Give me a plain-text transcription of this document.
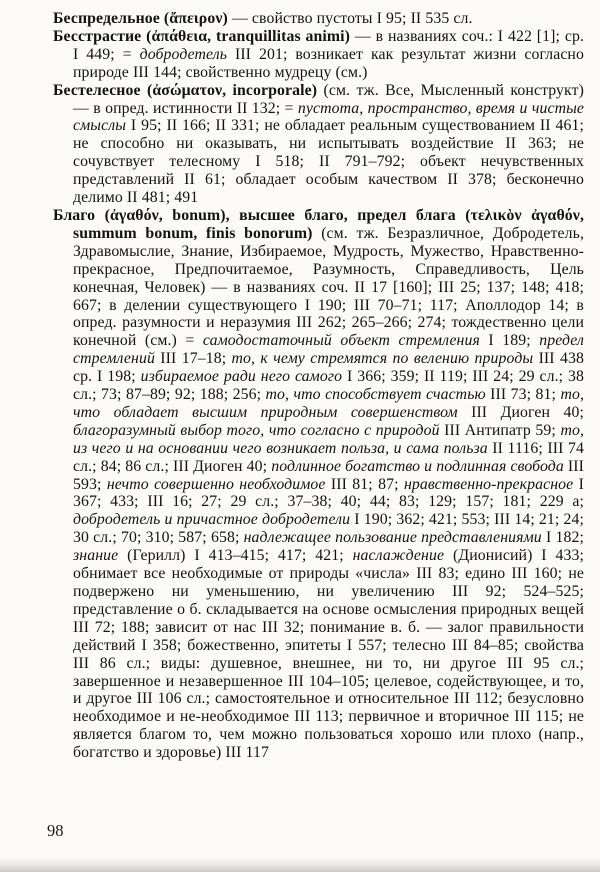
Беспредельное (ἄπειρον) — свойство пустоты I 95; II 535 сл.

Бесстрастие (ἀπάθεια, tranquillitas animi) — в названиях соч.: I 422 [1]; ср. I 449; = добродетель III 201; возникает как результат жизни согласно природе III 144; свойственно мудрецу (см.)

Бестелесное (ἀσώματον, incorporale) (см. тж. Все, Мысленный конструкт) — в опред. истинности II 132; = пустота, пространство, время и чистые смыслы I 95; II 166; II 331; не обладает реальным существованием II 461; не способно ни оказывать, ни испытывать воздействие II 363; не сочувствует телесному I 518; II 791–792; объект нечувственных представлений II 61; обладает особым качеством II 378; бесконечно делимо II 481; 491

Благо (ἀγαθόν, bonum), высшее благо, предел блага (τελικὸν ἀγαθόν, summum bonum, finis bonorum) (см. тж. Безразличное, Добродетель, Здравомыслие, Знание, Избираемое, Мудрость, Мужество, Нравственно-прекрасное, Предпочитаемое, Разумность, Справедливость, Цель конечная, Человек) — в названиях соч. II 17 [160]; III 25; 137; 148; 418; 667; в делении существующего I 190; III 70–71; 117; Аполлодор 14; в опред. разумности и неразумия III 262; 265–266; 274; тождественно цели конечной (см.) = самодостаточный объект стремления I 189; предел стремлений III 17–18; то, к чему стремятся по велению природы III 438 ср. I 198; избираемое ради него самого I 366; 359; II 119; III 24; 29 сл.; 38 сл.; 73; 87–89; 92; 188; 256; то, что способствует счастью III 73; 81; то, что обладает высшим природным совершенством III Диоген 40; благоразумный выбор того, что согласно с природой III Антипатр 59; то, из чего и на основании чего возникает польза, и сама польза II 1116; III 74 сл.; 84; 86 сл.; III Диоген 40; подлинное богатство и подлинная свобода III 593; нечто совершенно необходимое III 81; 87; нравственно-прекрасное I 367; 433; III 16; 27; 29 сл.; 37–38; 40; 44; 83; 129; 157; 181; 229 а; добродетель и причастное добродетели I 190; 362; 421; 553; III 14; 21; 24; 30 сл.; 70; 310; 587; 658; надлежащее пользование представлениями I 182; знание (Герилл) I 413–415; 417; 421; наслаждение (Дионисий) I 433; обнимает все необходимые от природы «числа» III 83; едино III 160; не подвержено ни уменьшению, ни увеличению III 92; 524–525; представление о б. складывается на основе осмысления природных вещей III 72; 188; зависит от нас III 32; понимание в. б. — залог правильности действий I 358; божественно, эпитеты I 557; телесно III 84–85; свойства III 86 сл.; виды: душевное, внешнее, ни то, ни другое III 95 сл.; завершенное и незавершенное III 104–105; целевое, содействующее, и то, и другое III 106 сл.; самостоятельное и относительное III 112; безусловно необходимое и не-необходимое III 113; первичное и вторичное III 115; не является благом то, чем можно пользоваться хорошо или плохо (напр., богатство и здоровье) III 117

98
